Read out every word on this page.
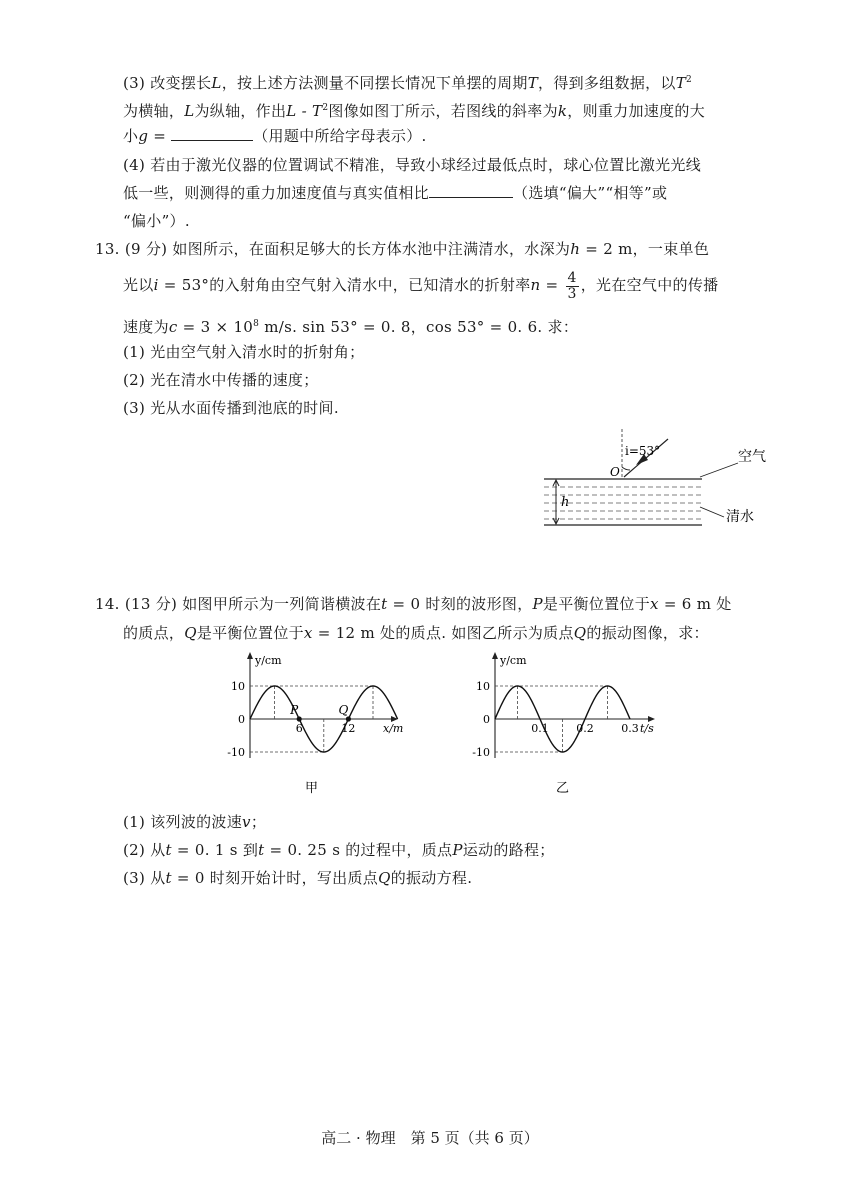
(3) 改变摆长L，按上述方法测量不同摆长情况下单摆的周期T，得到多组数据，以$T^2$
为横轴，L为纵轴，作出L - $T^2$图像如图丁所示，若图线的斜率为k，则重力加速度的大
小g =	（用题中所给字母表示）.
(4) 若由于激光仪器的位置调试不精准，导致小球经过最低点时，球心位置比激光光线
低一些，则测得的重力加速度值与真实值相比	（选填“偏大”“相等”或
“偏小”）.
13. (9 分) 如图所示，在面积足够大的长方体水池中注满清水，水深为h = 2 m，一束单色
光以i = 53°的入射角由空气射入清水中，已知清水的折射率$n = \frac{4}{3}$ ，光在空气中的传播
速度为$c = 3 \times 10^8$ m/s. sin 53° = 0. 8，cos 53° = 0. 6. 求：
(1) 光由空气射入清水时的折射角；
(2) 光在清水中传播的速度；
(3) 光从水面传播到池底的时间.
h
i=53°
O
空气
清水
14. (13 分) 如图甲所示为一列简谐横波在t = 0 时刻的波形图，P是平衡位置位于x = 6 m 处
的质点，Q是平衡位置位于x = 12 m 处的质点. 如图乙所示为质点Q的振动图像，求：
y/cm
x/m
10
0
-10
6	12
P	Q
甲
y/cm
t/s
10
0
-10
0.1	0.2	0.3
乙
(1) 该列波的波速v；
(2) 从t = 0. 1 s 到t = 0. 25 s 的过程中，质点P运动的路程；
(3) 从t = 0 时刻开始计时，写出质点Q的振动方程.
高二 · 物理　第 5 页（共 6 页）
